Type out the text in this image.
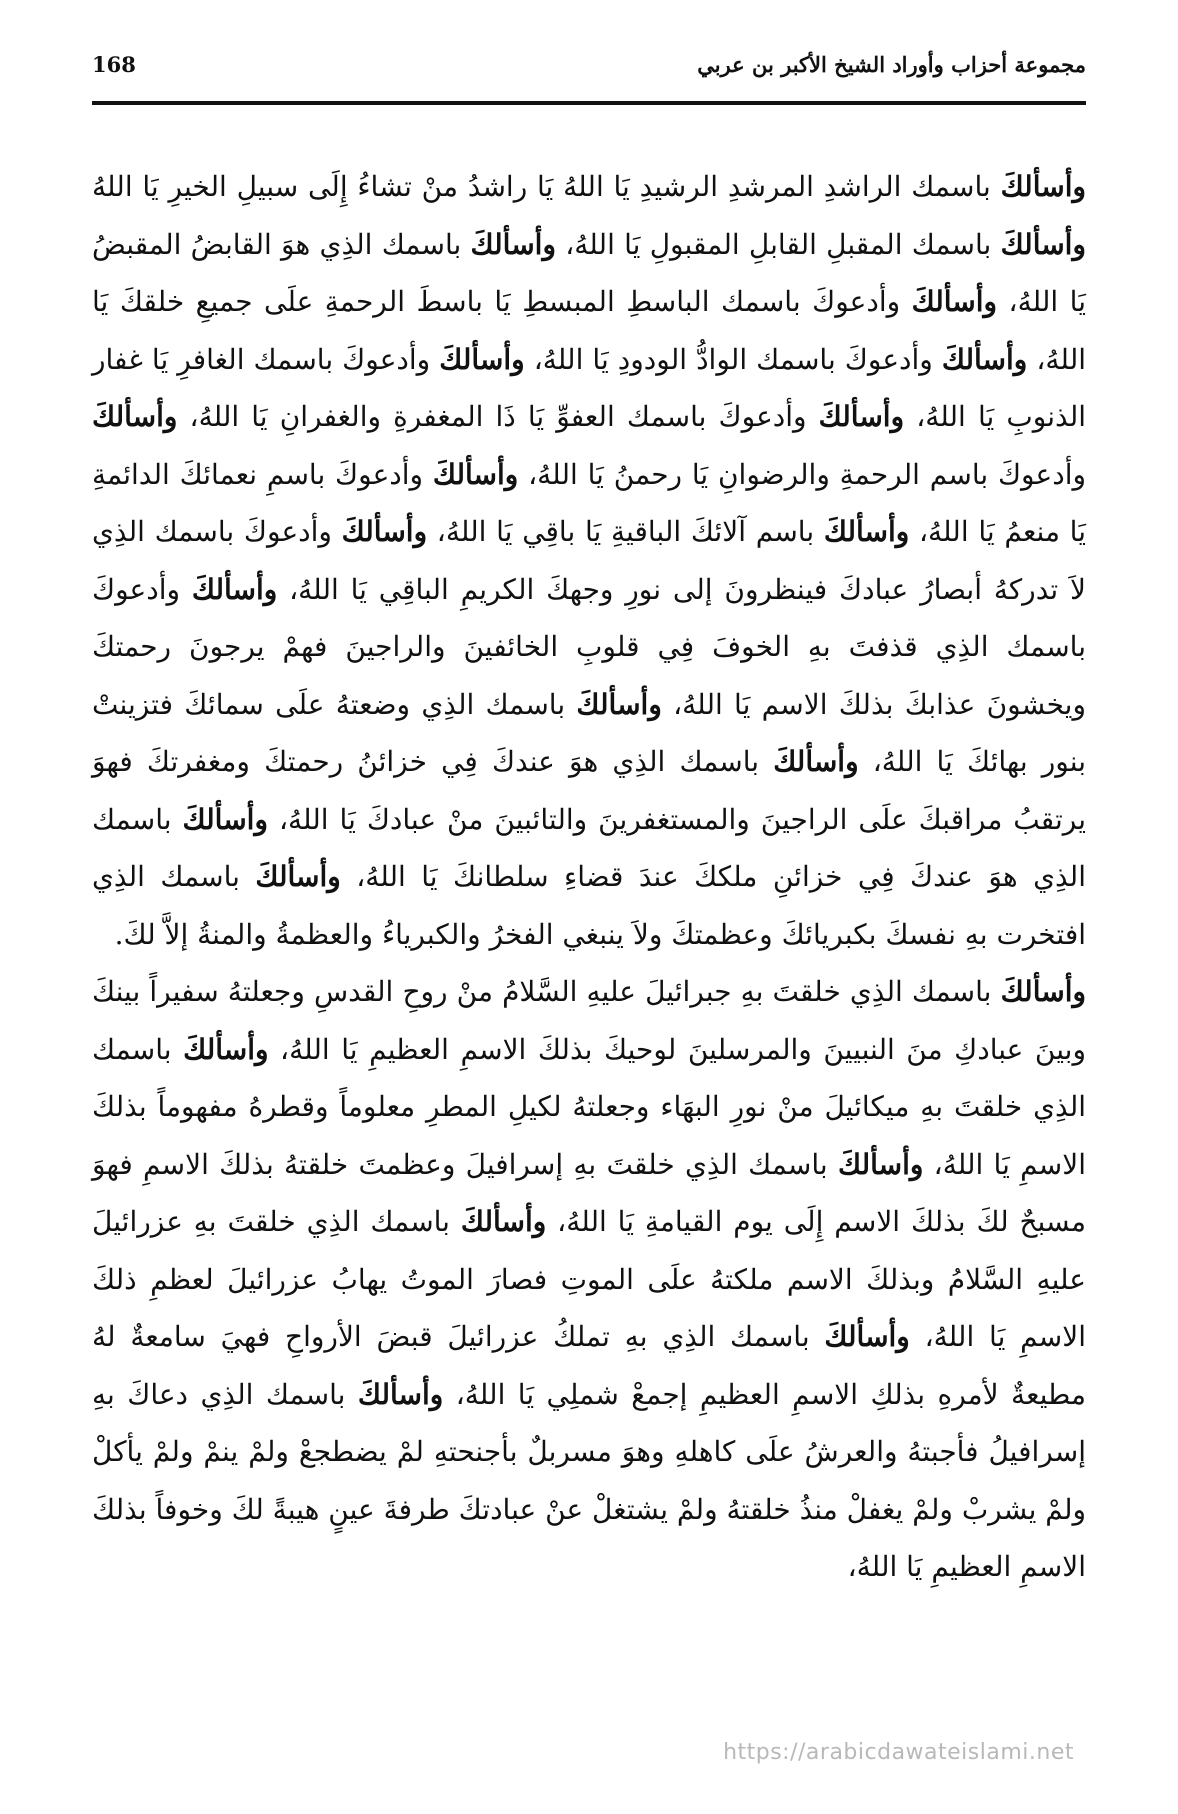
مجموعة أحزاب وأوراد الشيخ الأكبر بن عربي
168

وأسألكَ باسمك الراشدِ المرشدِ الرشيدِ يَا اللهُ يَا راشدُ منْ تشاءُ إِلَى سبيلِ الخيرِ يَا اللهُ وأسألكَ باسمك المقبلِ القابلِ المقبولِ يَا اللهُ، وأسألكَ باسمك الذِي هوَ القابضُ المقبضُ يَا اللهُ، وأسألكَ وأدعوكَ باسمك الباسطِ المبسطِ يَا باسطَ الرحمةِ علَى جميعِ خلقكَ يَا اللهُ، وأسألكَ وأدعوكَ باسمك الوادُّ الودودِ يَا اللهُ، وأسألكَ وأدعوكَ باسمك الغافرِ يَا غفار الذنوبِ يَا اللهُ، وأسألكَ وأدعوكَ باسمك العفوِّ يَا ذَا المغفرةِ والغفرانِ يَا اللهُ، وأسألكَ وأدعوكَ باسم الرحمةِ والرضوانِ يَا رحمنُ يَا اللهُ، وأسألكَ وأدعوكَ باسمِ نعمائكَ الدائمةِ يَا منعمُ يَا اللهُ، وأسألكَ باسم آلائكَ الباقيةِ يَا باقِي يَا اللهُ، وأسألكَ وأدعوكَ باسمك الذِي لاَ تدركهُ أبصارُ عبادكَ فينظرونَ إلى نورِ وجهكَ الكريمِ الباقِي يَا اللهُ، وأسألكَ وأدعوكَ باسمك الذِي قذفتَ بهِ الخوفَ فِي قلوبِ الخائفينَ والراجينَ فهمْ يرجونَ رحمتكَ ويخشونَ عذابكَ بذلكَ الاسم يَا اللهُ، وأسألكَ باسمك الذِي وضعتهُ علَى سمائكَ فتزينتْ بنور بهائكَ يَا اللهُ، وأسألكَ باسمك الذِي هوَ عندكَ فِي خزائنُ رحمتكَ ومغفرتكَ فهوَ يرتقبُ مراقبكَ علَى الراجينَ والمستغفرينَ والتائبينَ منْ عبادكَ يَا اللهُ، وأسألكَ باسمك الذِي هوَ عندكَ فِي خزائنِ ملككَ عندَ قضاءِ سلطانكَ يَا اللهُ، وأسألكَ باسمك الذِي افتخرت بهِ نفسكَ بكبريائكَ وعظمتكَ ولاَ ينبغي الفخرُ والكبرياءُ والعظمةُ والمنةُ إلاَّ لكَ.

وأسألكَ باسمك الذِي خلقتَ بهِ جبرائيلَ عليهِ السَّلامُ منْ روحِ القدسِ وجعلتهُ سفيراً بينكَ وبينَ عبادكِ منَ النبيينَ والمرسلينَ لوحيكَ بذلكَ الاسمِ العظيمِ يَا اللهُ، وأسألكَ باسمك الذِي خلقتَ بهِ ميكائيلَ منْ نورِ البهَاء وجعلتهُ لكيلِ المطرِ معلوماً وقطرهُ مفهوماً بذلكَ الاسمِ يَا اللهُ، وأسألكَ باسمك الذِي خلقتَ بهِ إسرافيلَ وعظمتَ خلقتهُ بذلكَ الاسمِ فهوَ مسبحٌ لكَ بذلكَ الاسم إِلَى يوم القيامةِ يَا اللهُ، وأسألكَ باسمك الذِي خلقتَ بهِ عزرائيلَ عليهِ السَّلامُ وبذلكَ الاسم ملكتهُ علَى الموتِ فصارَ الموتُ يهابُ عزرائيلَ لعظمِ ذلكَ الاسمِ يَا اللهُ، وأسألكَ باسمك الذِي بهِ تملكُ عزرائيلَ قبضَ الأرواحِ فهيَ سامعةٌ لهُ مطيعةٌ لأمرهِ بذلكِ الاسمِ العظيمِ إجمعْ شملِي يَا اللهُ، وأسألكَ باسمك الذِي دعاكَ بهِ إسرافيلُ فأجبتهُ والعرشُ علَى كاهلهِ وهوَ مسربلٌ بأجنحتهِ لمْ يضطجعْ ولمْ ينمْ ولمْ يأكلْ ولمْ يشربْ ولمْ يغفلْ منذُ خلقتهُ ولمْ يشتغلْ عنْ عبادتكَ طرفةَ عينٍ هيبةً لكَ وخوفاً بذلكَ الاسمِ العظيمِ يَا اللهُ،

https://arabicdawateislami.net
